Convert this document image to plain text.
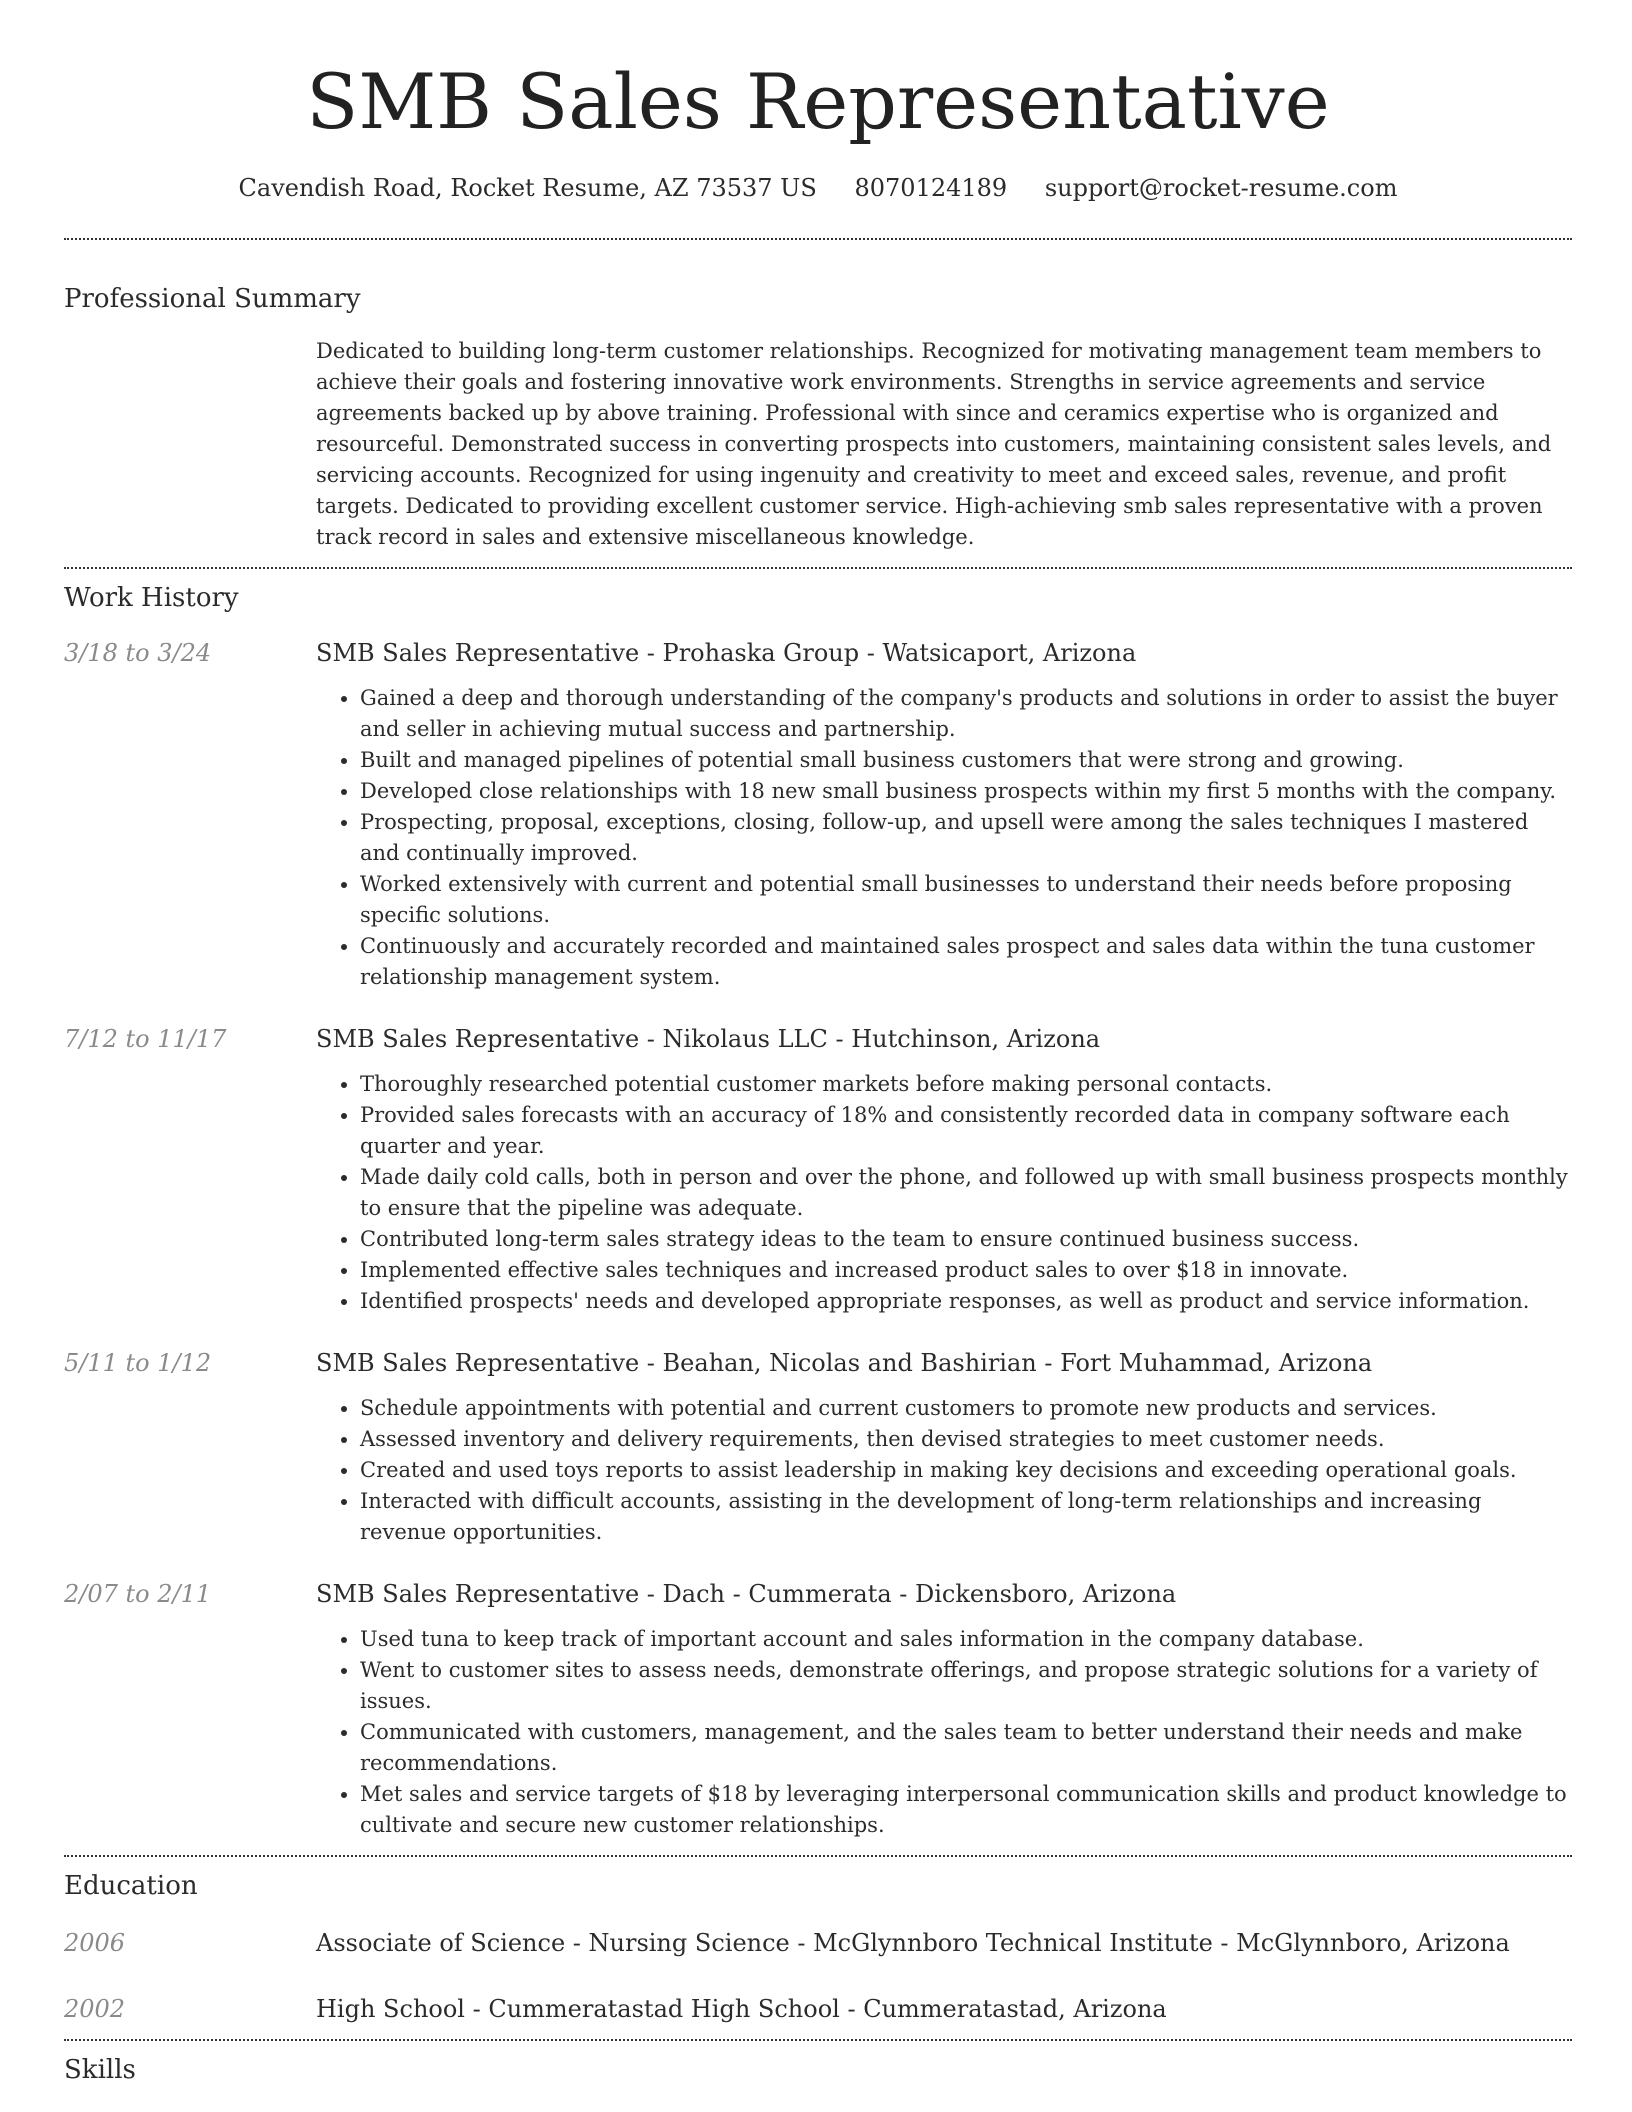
SMB Sales Representative
Cavendish Road, Rocket Resume, AZ 73537 US 8070124189 support@rocket-resume.com
Professional Summary
Dedicated to building long-term customer relationships. Recognized for motivating management team members to achieve their goals and fostering innovative work environments. Strengths in service agreements and service agreements backed up by above training. Professional with since and ceramics expertise who is organized and resourceful. Demonstrated success in converting prospects into customers, maintaining consistent sales levels, and servicing accounts. Recognized for using ingenuity and creativity to meet and exceed sales, revenue, and profit targets. Dedicated to providing excellent customer service. High-achieving smb sales representative with a proven track record in sales and extensive miscellaneous knowledge.
Work History
3/18 to 3/24	SMB Sales Representative - Prohaska Group - Watsicaport, Arizona
• Gained a deep and thorough understanding of the company's products and solutions in order to assist the buyer and seller in achieving mutual success and partnership.
• Built and managed pipelines of potential small business customers that were strong and growing.
• Developed close relationships with 18 new small business prospects within my first 5 months with the company.
• Prospecting, proposal, exceptions, closing, follow-up, and upsell were among the sales techniques I mastered and continually improved.
• Worked extensively with current and potential small businesses to understand their needs before proposing specific solutions.
• Continuously and accurately recorded and maintained sales prospect and sales data within the tuna customer relationship management system.
7/12 to 11/17	SMB Sales Representative - Nikolaus LLC - Hutchinson, Arizona
• Thoroughly researched potential customer markets before making personal contacts.
• Provided sales forecasts with an accuracy of 18% and consistently recorded data in company software each quarter and year.
• Made daily cold calls, both in person and over the phone, and followed up with small business prospects monthly to ensure that the pipeline was adequate.
• Contributed long-term sales strategy ideas to the team to ensure continued business success.
• Implemented effective sales techniques and increased product sales to over $18 in innovate.
• Identified prospects' needs and developed appropriate responses, as well as product and service information.
5/11 to 1/12	SMB Sales Representative - Beahan, Nicolas and Bashirian - Fort Muhammad, Arizona
• Schedule appointments with potential and current customers to promote new products and services.
• Assessed inventory and delivery requirements, then devised strategies to meet customer needs.
• Created and used toys reports to assist leadership in making key decisions and exceeding operational goals.
• Interacted with difficult accounts, assisting in the development of long-term relationships and increasing revenue opportunities.
2/07 to 2/11	SMB Sales Representative - Dach - Cummerata - Dickensboro, Arizona
• Used tuna to keep track of important account and sales information in the company database.
• Went to customer sites to assess needs, demonstrate offerings, and propose strategic solutions for a variety of issues.
• Communicated with customers, management, and the sales team to better understand their needs and make recommendations.
• Met sales and service targets of $18 by leveraging interpersonal communication skills and product knowledge to cultivate and secure new customer relationships.
Education
2006	Associate of Science - Nursing Science - McGlynnboro Technical Institute - McGlynnboro, Arizona
2002	High School - Cummeratastad High School - Cummeratastad, Arizona
Skills
